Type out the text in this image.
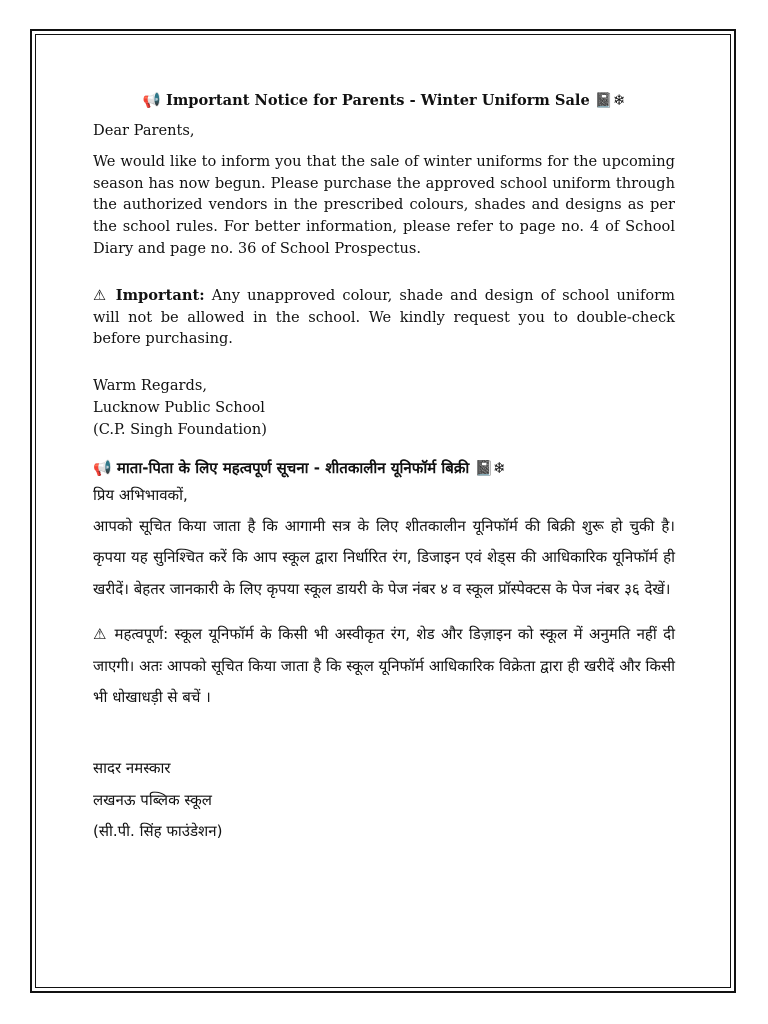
📢 Important Notice for Parents - Winter Uniform Sale 📓❄

Dear Parents,

We would like to inform you that the sale of winter uniforms for the upcoming season has now begun. Please purchase the approved school uniform through the authorized vendors in the prescribed colours, shades and designs as per the school rules. For better information, please refer to page no. 4 of School Diary and page no. 36 of School Prospectus.

⚠ Important: Any unapproved colour, shade and design of school uniform will not be allowed in the school. We kindly request you to double-check before purchasing.

Warm Regards,

Lucknow Public School

(C.P. Singh Foundation)

📢 माता-पिता के लिए महत्वपूर्ण सूचना - शीतकालीन यूनिफॉर्म बिक्री 📓❄

प्रिय अभिभावकों,

आपको सूचित किया जाता है कि आगामी सत्र के लिए शीतकालीन यूनिफॉर्म की बिक्री शुरू हो चुकी है। कृपया यह सुनिश्चित करें कि आप स्कूल द्वारा निर्धारित रंग, डिजाइन एवं शेड्स की आधिकारिक यूनिफॉर्म ही खरीदें। बेहतर जानकारी के लिए कृपया स्कूल डायरी के पेज नंबर ४ व स्कूल प्रॉस्पेक्टस के पेज नंबर ३६ देखें।

⚠ महत्वपूर्ण: स्कूल यूनिफॉर्म के किसी भी अस्वीकृत रंग, शेड और डिज़ाइन को स्कूल में अनुमति नहीं दी जाएगी। अतः आपको सूचित किया जाता है कि स्कूल यूनिफॉर्म आधिकारिक विक्रेता द्वारा ही खरीदें और किसी भी धोखाधड़ी से बचें ।

सादर नमस्कार

लखनऊ पब्लिक स्कूल

(सी.पी. सिंह फाउंडेशन)
